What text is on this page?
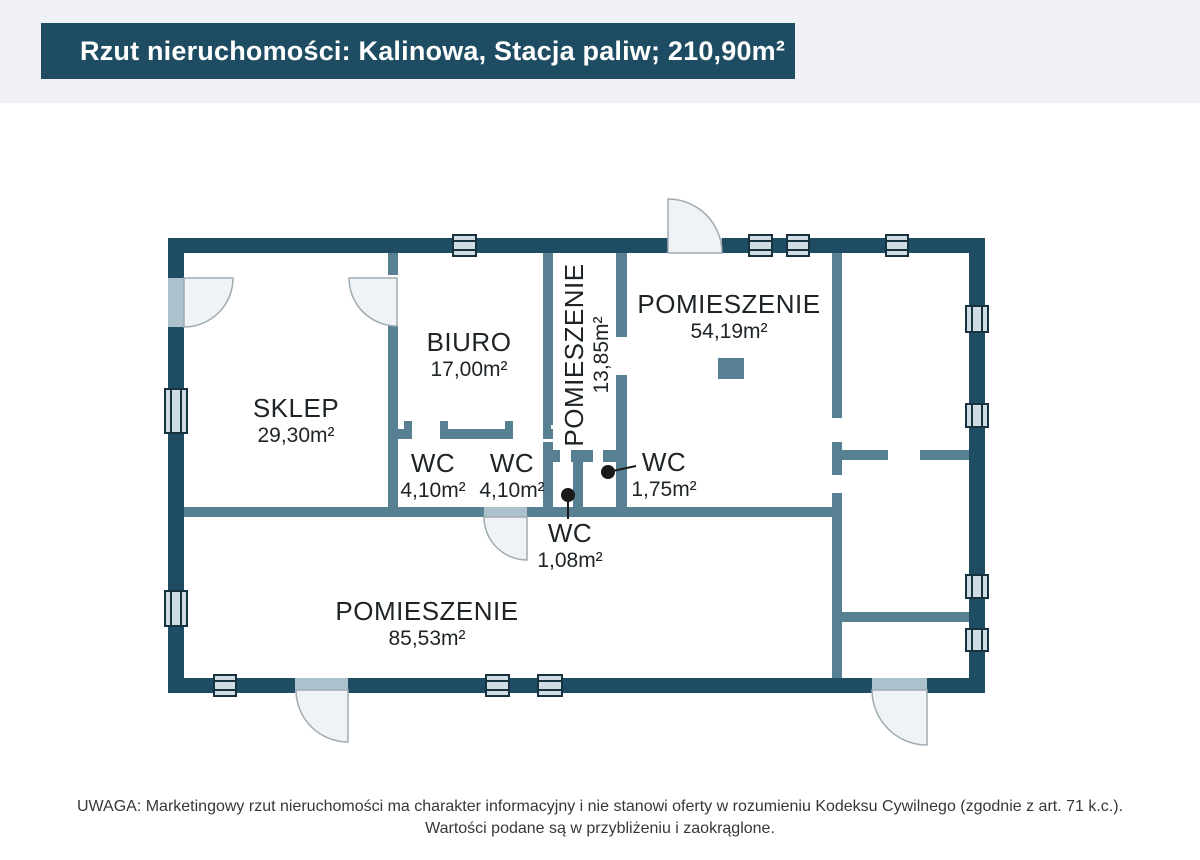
Rzut nieruchomości: Kalinowa, Stacja paliw; 210,90m²
SKLEP
29,30m²
BIURO
17,00m² POMIESZENIE 13,85m²
POMIESZENIE
54,19m²
WC
4,10m²
WC
4,10m²
WC
1,75m²
WC
1,08m²
POMIESZENIE
85,53m²
UWAGA: Marketingowy rzut nieruchomości ma charakter informacyjny i nie stanowi oferty w rozumieniu Kodeksu Cywilnego (zgodnie z art. 71 k.c.).
Wartości podane są w przybliżeniu i zaokrąglone.
